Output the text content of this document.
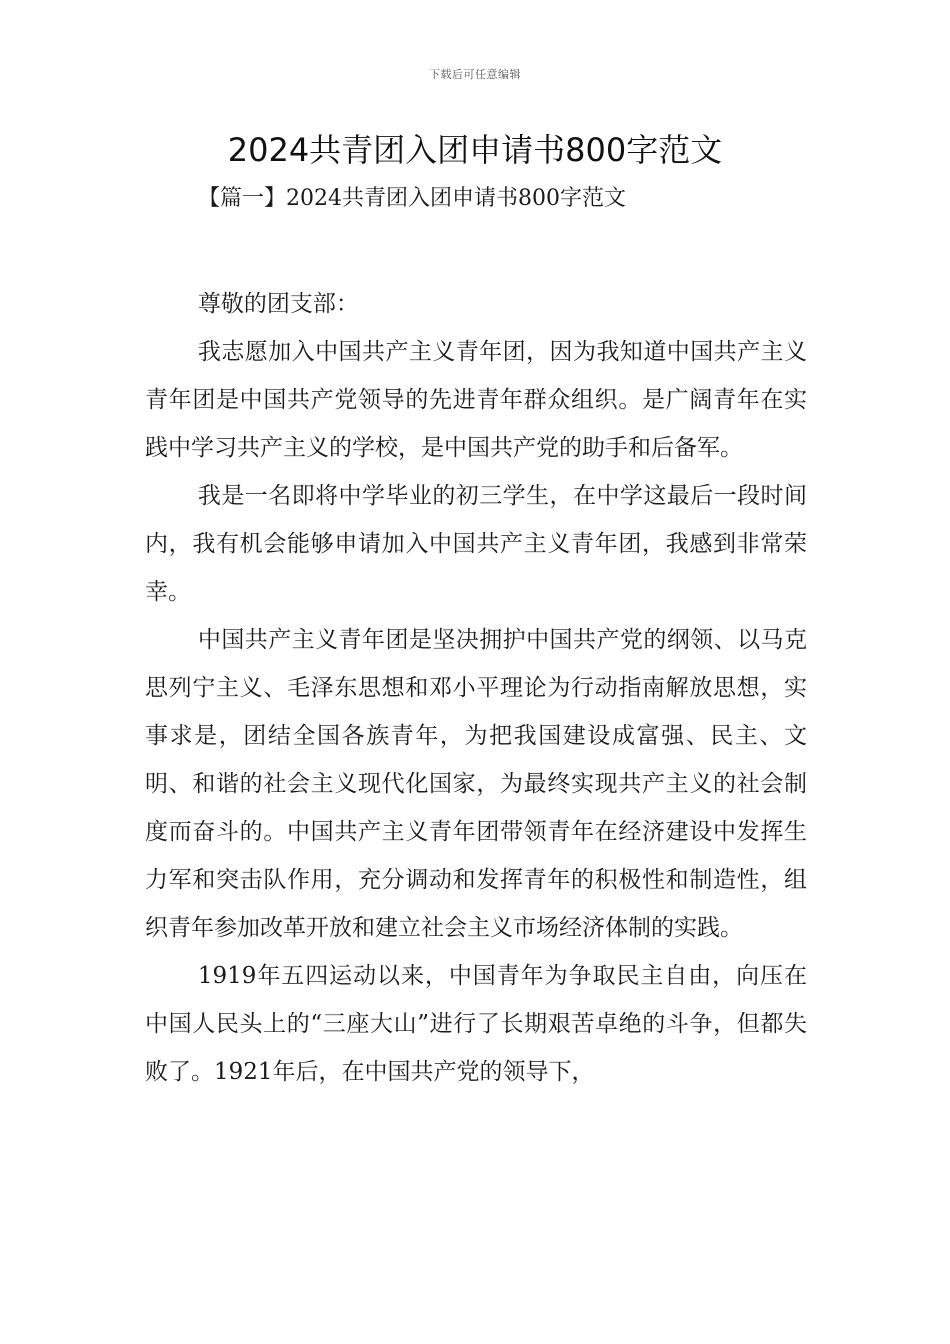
下载后可任意编辑
2024共青团入团申请书800字范文
【篇一】2024共青团入团申请书800字范文

尊敬的团支部：

我志愿加入中国共产主义青年团，因为我知道中国共产主义青年团是中国共产党领导的先进青年群众组织。是广阔青年在实践中学习共产主义的学校，是中国共产党的助手和后备军。

我是一名即将中学毕业的初三学生，在中学这最后一段时间内，我有机会能够申请加入中国共产主义青年团，我感到非常荣幸。

中国共产主义青年团是坚决拥护中国共产党的纲领、以马克思列宁主义、毛泽东思想和邓小平理论为行动指南解放思想，实事求是，团结全国各族青年，为把我国建设成富强、民主、文明、和谐的社会主义现代化国家，为最终实现共产主义的社会制度而奋斗的。中国共产主义青年团带领青年在经济建设中发挥生力军和突击队作用，充分调动和发挥青年的积极性和制造性，组织青年参加改革开放和建立社会主义市场经济体制的实践。

1919年五四运动以来，中国青年为争取民主自由，向压在中国人民头上的“三座大山”进行了长期艰苦卓绝的斗争，但都失败了。1921年后，在中国共产党的领导下，
